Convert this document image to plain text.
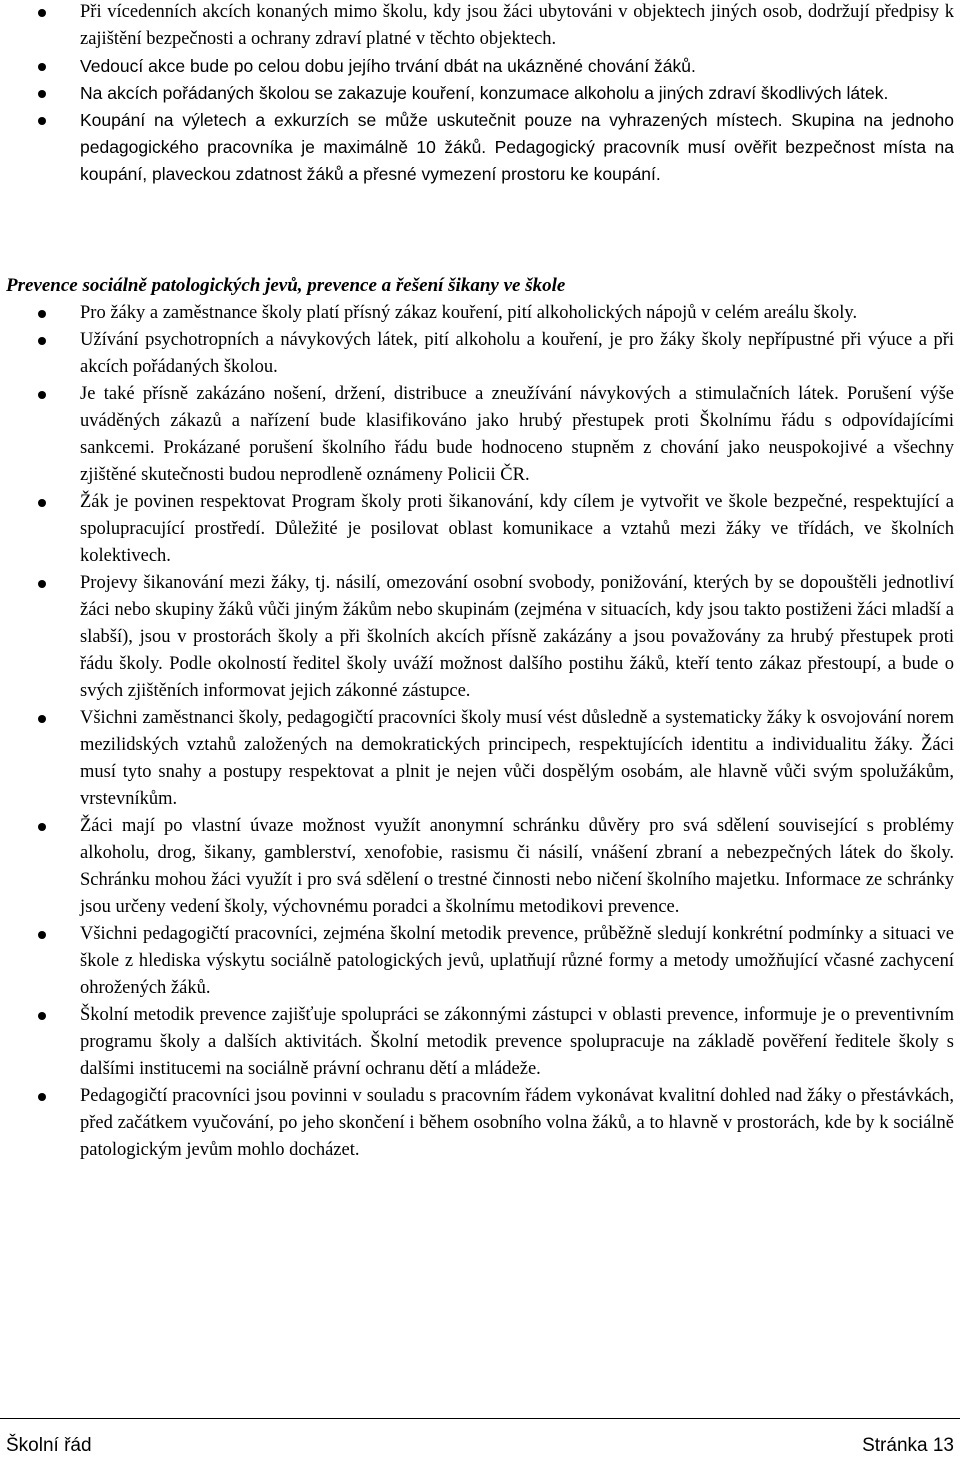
Při vícedenních akcích konaných mimo školu, kdy jsou žáci ubytováni v objektech jiných osob, dodržují předpisy k zajištění bezpečnosti a ochrany zdraví platné v těchto objektech.
Vedoucí akce bude po celou dobu jejího trvání dbát na ukázněné chování žáků.
Na akcích pořádaných školou se zakazuje kouření, konzumace alkoholu a jiných zdraví škodlivých látek.
Koupání na výletech a exkurzích se může uskutečnit pouze na vyhrazených místech. Skupina na jednoho pedagogického pracovníka je maximálně 10 žáků. Pedagogický pracovník musí ověřit bezpečnost místa na koupání, plaveckou zdatnost žáků a přesné vymezení prostoru ke koupání.
Prevence sociálně patologických jevů, prevence a řešení šikany ve škole
Pro žáky a zaměstnance školy platí přísný zákaz kouření, pití alkoholických nápojů v celém areálu školy.
Užívání psychotropních a návykových látek, pití alkoholu a kouření, je pro žáky školy nepřípustné při výuce a při akcích pořádaných školou.
Je také přísně zakázáno nošení, držení, distribuce a zneužívání návykových a stimulačních látek. Porušení výše uváděných zákazů a nařízení bude klasifikováno jako hrubý přestupek proti Školnímu řádu s odpovídajícími sankcemi. Prokázané porušení školního řádu bude hodnoceno stupněm z chování jako neuspokojivé a všechny zjištěné skutečnosti budou neprodleně oznámeny Policii ČR.
Žák je povinen respektovat Program školy proti šikanování, kdy cílem je vytvořit ve škole bezpečné, respektující a spolupracující prostředí. Důležité je posilovat oblast komunikace a vztahů mezi žáky ve třídách, ve školních kolektivech.
Projevy šikanování mezi žáky, tj. násilí, omezování osobní svobody, ponižování, kterých by se dopouštěli jednotliví žáci nebo skupiny žáků vůči jiným žákům nebo skupinám (zejména v situacích, kdy jsou takto postiženi žáci mladší a slabší), jsou v prostorách školy a při školních akcích přísně zakázány a jsou považovány za hrubý přestupek proti řádu školy. Podle okolností ředitel školy uváží možnost dalšího postihu žáků, kteří tento zákaz přestoupí, a bude o svých zjištěních informovat jejich zákonné zástupce.
Všichni zaměstnanci školy, pedagogičtí pracovníci školy musí vést důsledně a systematicky žáky k osvojování norem mezilidských vztahů založených na demokratických principech, respektujících identitu a individualitu žáky. Žáci musí tyto snahy a postupy respektovat a plnit je nejen vůči dospělým osobám, ale hlavně vůči svým spolužákům, vrstevníkům.
Žáci mají po vlastní úvaze možnost využít anonymní schránku důvěry pro svá sdělení související s problémy alkoholu, drog, šikany, gamblerství, xenofobie, rasismu či násilí, vnášení zbraní a nebezpečných látek do školy. Schránku mohou žáci využít i pro svá sdělení o trestné činnosti nebo ničení školního majetku. Informace ze schránky jsou určeny vedení školy, výchovnému poradci a školnímu metodikovi prevence.
Všichni pedagogičtí pracovníci, zejména školní metodik prevence, průběžně sledují konkrétní podmínky a situaci ve škole z hlediska výskytu sociálně patologických jevů, uplatňují různé formy a metody umožňující včasné zachycení ohrožených žáků.
Školní metodik prevence zajišťuje spolupráci se zákonnými zástupci v oblasti prevence, informuje je o preventivním programu školy a dalších aktivitách. Školní metodik prevence spolupracuje na základě pověření ředitele školy s dalšími institucemi na sociálně právní ochranu dětí a mládeže.
Pedagogičtí pracovníci jsou povinni v souladu s pracovním řádem vykonávat kvalitní dohled nad žáky o přestávkách, před začátkem vyučování, po jeho skončení i během osobního volna žáků, a to hlavně v prostorách, kde by k sociálně patologickým jevům mohlo docházet.
Školní řád	Stránka 13
